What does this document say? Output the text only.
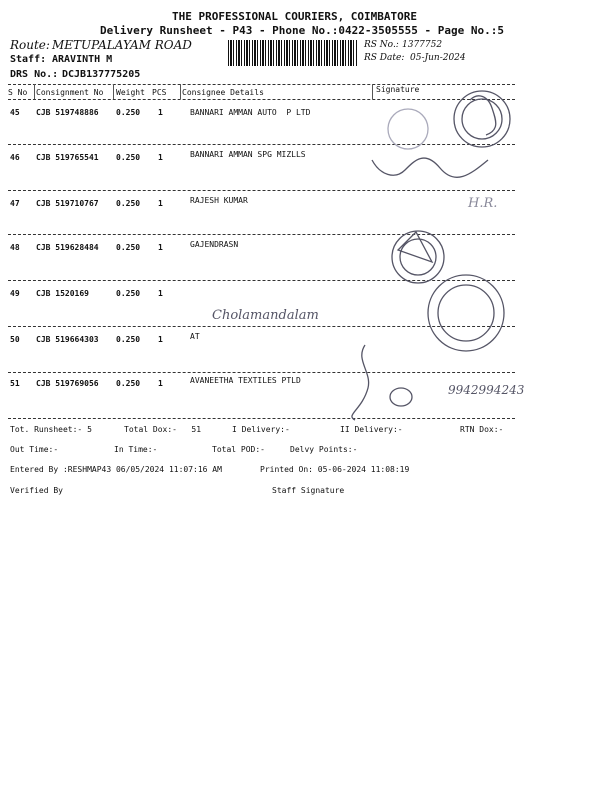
THE PROFESSIONAL COURIERS, COIMBATORE
Delivery Runsheet - P43 - Phone No.:0422-3505555 - Page No.:5
Route: METUPALAYAM ROAD
Staff: ARAVINTH M
DRS No.: DCJB137775205
RS No.: 1377752
RS Date: 05-Jun-2024
S No Consignment No Weight PCS Consignee Details	Signature
45 CJB 519748886 0.250 1	BANNARI AMMAN AUTO  P LTD
46 CJB 519765541 0.250 1	BANNARI AMMAN SPG MIZLLS
47 CJB 519710767 0.250 1	RAJESH KUMAR
48 CJB 519628484 0.250 1	GAJENDRASN
49 CJB 1520169	0.250 1
50 CJB 519664303 0.250 1	AT
51 CJB 519769056 0.250 1	AVANEETHA TEXTILES PTLD
Cholamandalam
H.R.
9942994243
Tot. Runsheet:- 5	Total Dox:-   51	I Delivery:-	II Delivery:-	RTN Dox:-
Out Time:-	In Time:-	Total POD:-	Delvy Points:-
Entered By :RESHMAP43 06/05/2024 11:07:16 AM	Printed On: 05-06-2024 11:08:19
Verified By	Staff Signature
